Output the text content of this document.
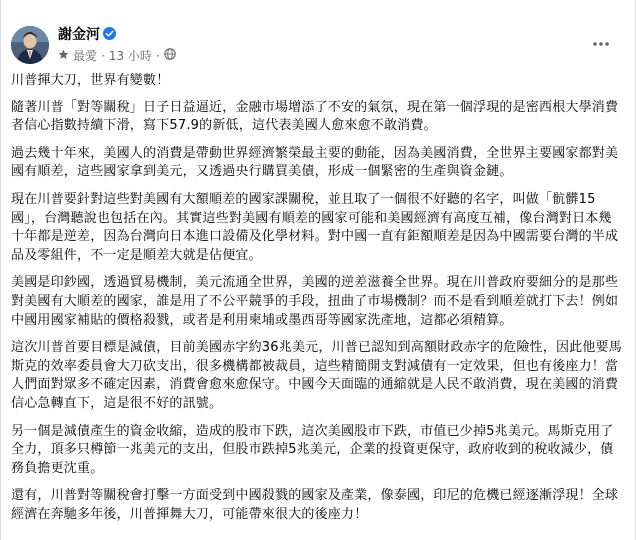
謝金河
最愛 · 13 小時 ·

川普揮大刀，世界有變數！

隨著川普「對等關稅」日子日益逼近，金融市場增添了不安的氣氛，現在第一個浮現的是密西根大學消費者信心指數持續下滑，寫下57.9的新低，這代表美國人愈來愈不敢消費。

過去幾十年來，美國人的消費是帶動世界經濟繁榮最主要的動能，因為美國消費，全世界主要國家都對美國有順差，這些國家拿到美元，又透過央行購買美債，形成一個緊密的生產與資金鏈。

現在川普要針對這些對美國有大額順差的國家課關稅，並且取了一個很不好聽的名字，叫做「骯髒15國」，台灣聽說也包括在內。其實這些對美國有順差的國家可能和美國經濟有高度互補，像台灣對日本幾十年都是逆差，因為台灣向日本進口設備及化學材料。對中國一直有鉅額順差是因為中國需要台灣的半成品及零組件，不一定是順差大就是佔便宜。

美國是印鈔國，透過貿易機制，美元流通全世界，美國的逆差滋養全世界。現在川普政府要細分的是那些對美國有大順差的國家，誰是用了不公平競爭的手段，扭曲了市場機制？而不是看到順差就打下去！例如中國用國家補貼的價格殺戮，或者是利用柬埔或墨西哥等國家洗產地，這都必須精算。

這次川普首要目標是減債，目前美國赤字約36兆美元，川普已認知到高額財政赤字的危險性，因此他要馬斯克的效率委員會大刀砍支出，很多機構都被裁員，這些精簡開支對減債有一定效果，但也有後座力！當人們面對眾多不確定因素，消費會愈來愈保守。中國今天面臨的通縮就是人民不敢消費，現在美國的消費信心急轉直下，這是很不好的訊號。

另一個是減債產生的資金收縮，造成的股市下跌，這次美國股市下跌，市值已少掉5兆美元。馬斯克用了全力，頂多只樽節一兆美元的支出，但股市跌掉5兆美元，企業的投資更保守，政府收到的稅收減少，債務負擔更沈重。

還有，川普對等關稅會打擊一方面受到中國殺戮的國家及產業，像泰國，印尼的危機已經逐漸浮現！全球經濟在奔馳多年後，川普揮舞大刀，可能帶來很大的後座力！
